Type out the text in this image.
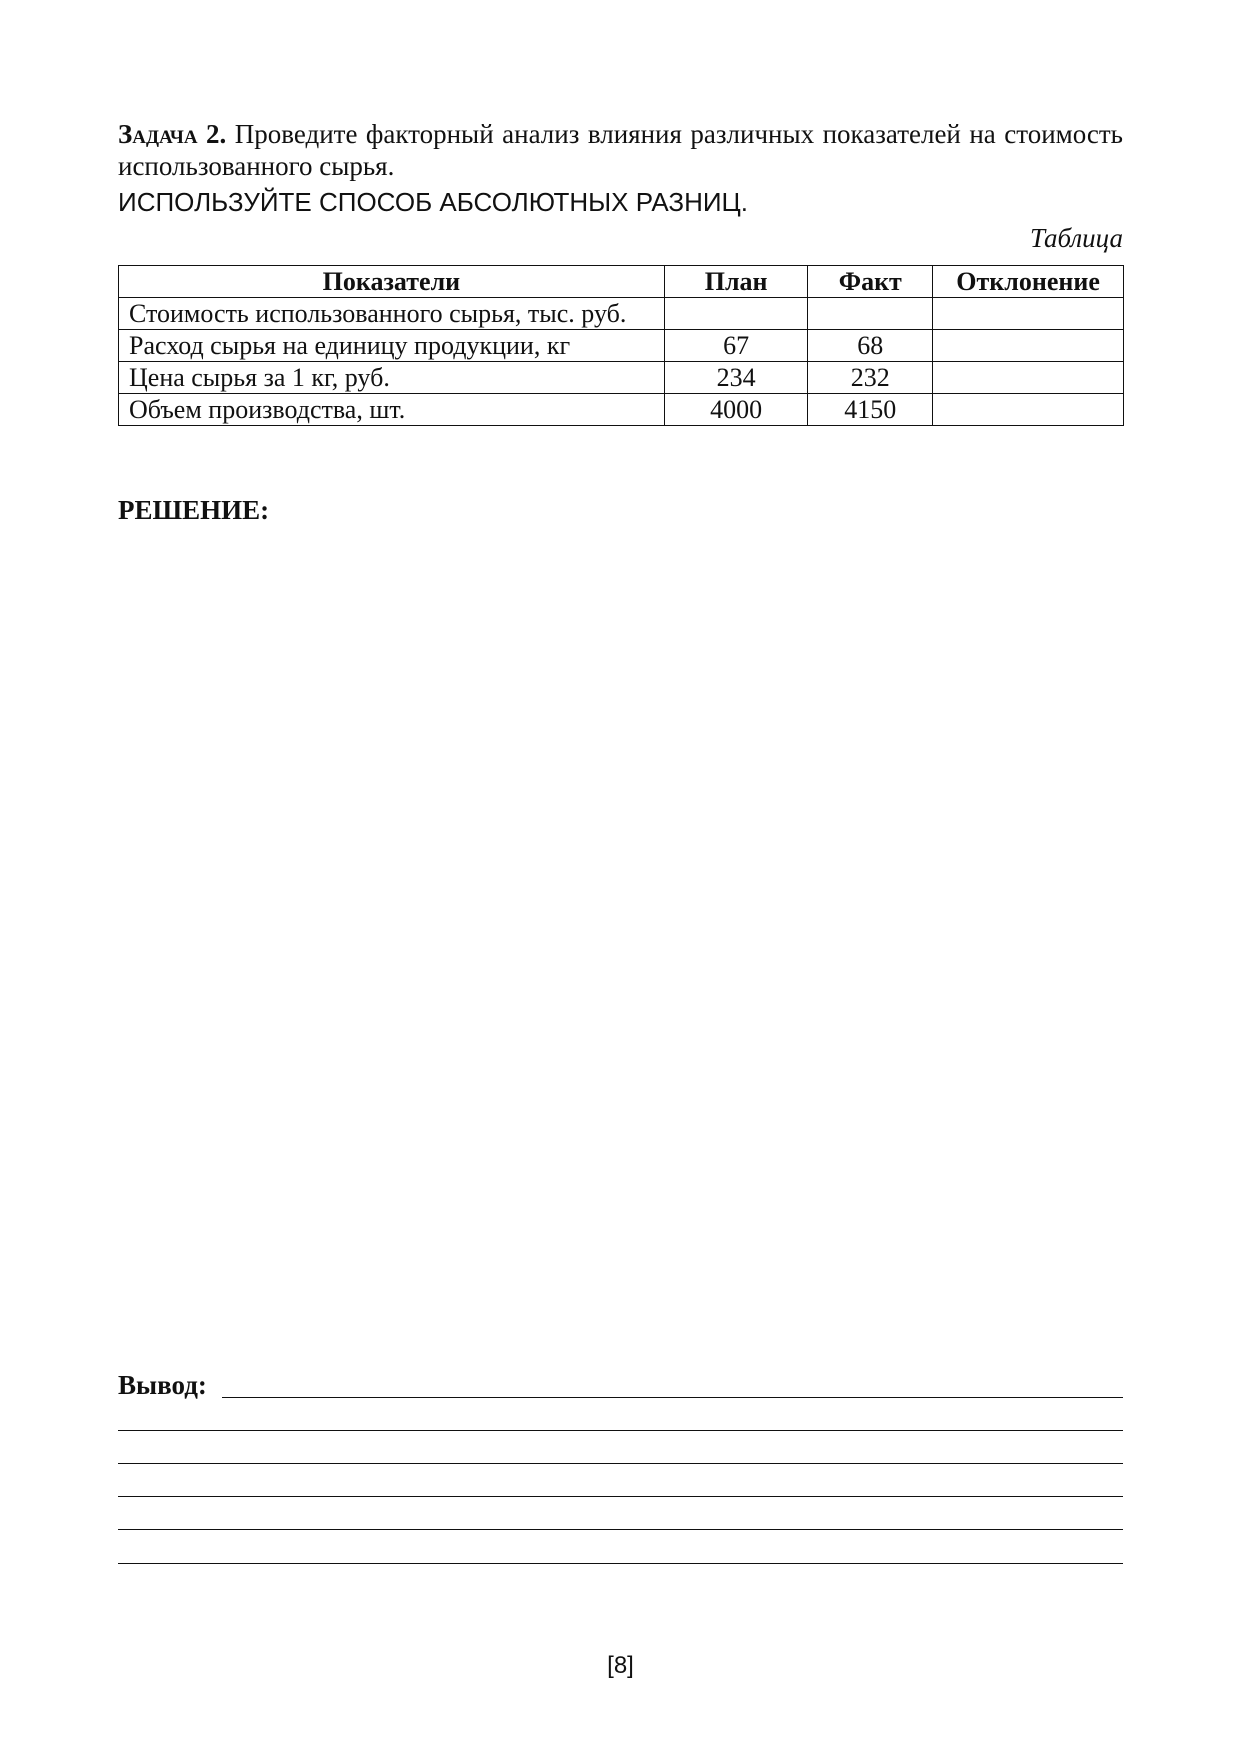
Задача 2. Проведите факторный анализ влияния различных показателей на стоимость использованного сырья.
ИСПОЛЬЗУЙТЕ СПОСОБ АБСОЛЮТНЫХ РАЗНИЦ.
Таблица
Показатели	План	Факт	Отклонение
Стоимость использованного сырья, тыс. руб.			
Расход сырья на единицу продукции, кг	67	68	
Цена сырья за 1 кг, руб.	234	232	
Объем производства, шт.	4000	4150	
РЕШЕНИЕ:
Вывод:
[8]
